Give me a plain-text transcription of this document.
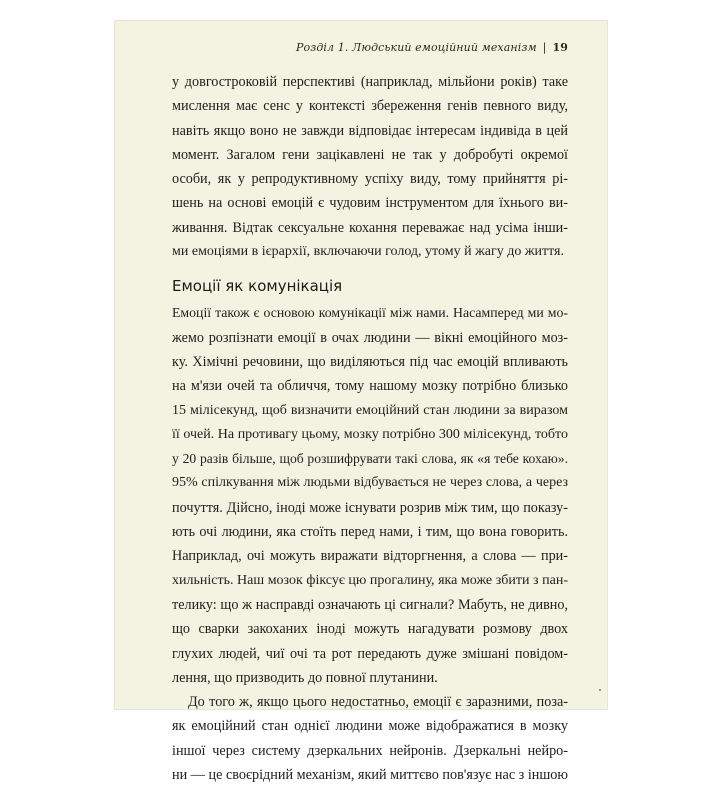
Розділ 1. Людський емоційний механізм | 19
у довгостроковій перспективі (наприклад, мільйони років) таке
мислення має сенс у контексті збереження генів певного виду,
навіть якщо воно не завжди відповідає інтересам індивіда в цей
момент. Загалом гени зацікавлені не так у добробуті окремої
особи, як у репродуктивному успіху виду, тому прийняття рі-
шень на основі емоцій є чудовим інструментом для їхнього ви-
живання. Відтак сексуальне кохання переважає над усіма інши-
ми емоціями в ієрархії, включаючи голод, утому й жагу до життя.
Емоції як комунікація
Емоції також є основою комунікації між нами. Насамперед ми мо-
жемо розпізнати емоції в очах людини — вікні емоційного моз-
ку. Хімічні речовини, що виділяються під час емоцій впливають
на м'язи очей та обличчя, тому нашому мозку потрібно близько
15 мілісекунд, щоб визначити емоційний стан людини за виразом
її очей. На противагу цьому, мозку потрібно 300 мілісекунд, тобто
у 20 разів більше, щоб розшифрувати такі слова, як «я тебе кохаю».
95% спілкування між людьми відбувається не через слова, а через
почуття. Дійсно, іноді може існувати розрив між тим, що показу-
ють очі людини, яка стоїть перед нами, і тим, що вона говорить.
Наприклад, очі можуть виражати відторгнення, а слова — при-
хильність. Наш мозок фіксує цю прогалину, яка може збити з пан-
телику: що ж насправді означають ці сигнали? Мабуть, не дивно,
що сварки закоханих іноді можуть нагадувати розмову двох
глухих людей, чиї очі та рот передають дуже змішані повідом-
лення, що призводить до повної плутанини.
До того ж, якщо цього недостатньо, емоції є заразними, поза-
як емоційний стан однієї людини може відображатися в мозку
іншої через систему дзеркальних нейронів. Дзеркальні нейро-
ни — це своєрідний механізм, який миттєво пов'язує нас з іншою
